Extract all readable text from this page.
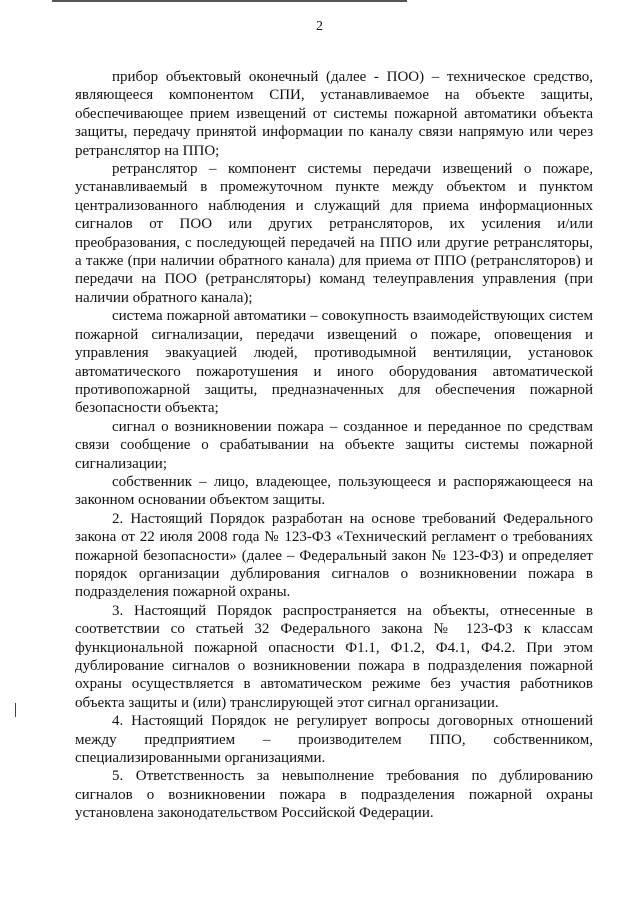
2

прибор объектовый оконечный (далее - ПОО) – техническое средство, являющееся компонентом СПИ, устанавливаемое на объекте защиты, обеспечивающее прием извещений от системы пожарной автоматики объекта защиты, передачу принятой информации по каналу связи напрямую или через ретранслятор на ППО;

ретранслятор – компонент системы передачи извещений о пожаре, устанавливаемый в промежуточном пункте между объектом и пунктом централизованного наблюдения и служащий для приема информационных сигналов от ПОО или других ретрансляторов, их усиления и/или преобразования, с последующей передачей на ППО или другие ретрансляторы, а также (при наличии обратного канала) для приема от ППО (ретрансляторов) и передачи на ПОО (ретрансляторы) команд телеуправления управления (при наличии обратного канала);

система пожарной автоматики – совокупность взаимодействующих систем пожарной сигнализации, передачи извещений о пожаре, оповещения и управления эвакуацией людей, противодымной вентиляции, установок автоматического пожаротушения и иного оборудования автоматической противопожарной защиты, предназначенных для обеспечения пожарной безопасности объекта;

сигнал о возникновении пожара – созданное и переданное по средствам связи сообщение о срабатывании на объекте защиты системы пожарной сигнализации;

собственник – лицо, владеющее, пользующееся и распоряжающееся на законном основании объектом защиты.

2. Настоящий Порядок разработан на основе требований Федерального закона от 22 июля 2008 года № 123-ФЗ «Технический регламент о требованиях пожарной безопасности» (далее – Федеральный закон № 123-ФЗ) и определяет порядок организации дублирования сигналов о возникновении пожара в подразделения пожарной охраны.

3. Настоящий Порядок распространяется на объекты, отнесенные в соответствии со статьей 32 Федерального закона № 123-ФЗ к классам функциональной пожарной опасности Ф1.1, Ф1.2, Ф4.1, Ф4.2. При этом дублирование сигналов о возникновении пожара в подразделения пожарной охраны осуществляется в автоматическом режиме без участия работников объекта защиты и (или) транслирующей этот сигнал организации.

4. Настоящий Порядок не регулирует вопросы договорных отношений между предприятием – производителем ППО, собственником, специализированными организациями.

5. Ответственность за невыполнение требования по дублированию сигналов о возникновении пожара в подразделения пожарной охраны установлена законодательством Российской Федерации.
